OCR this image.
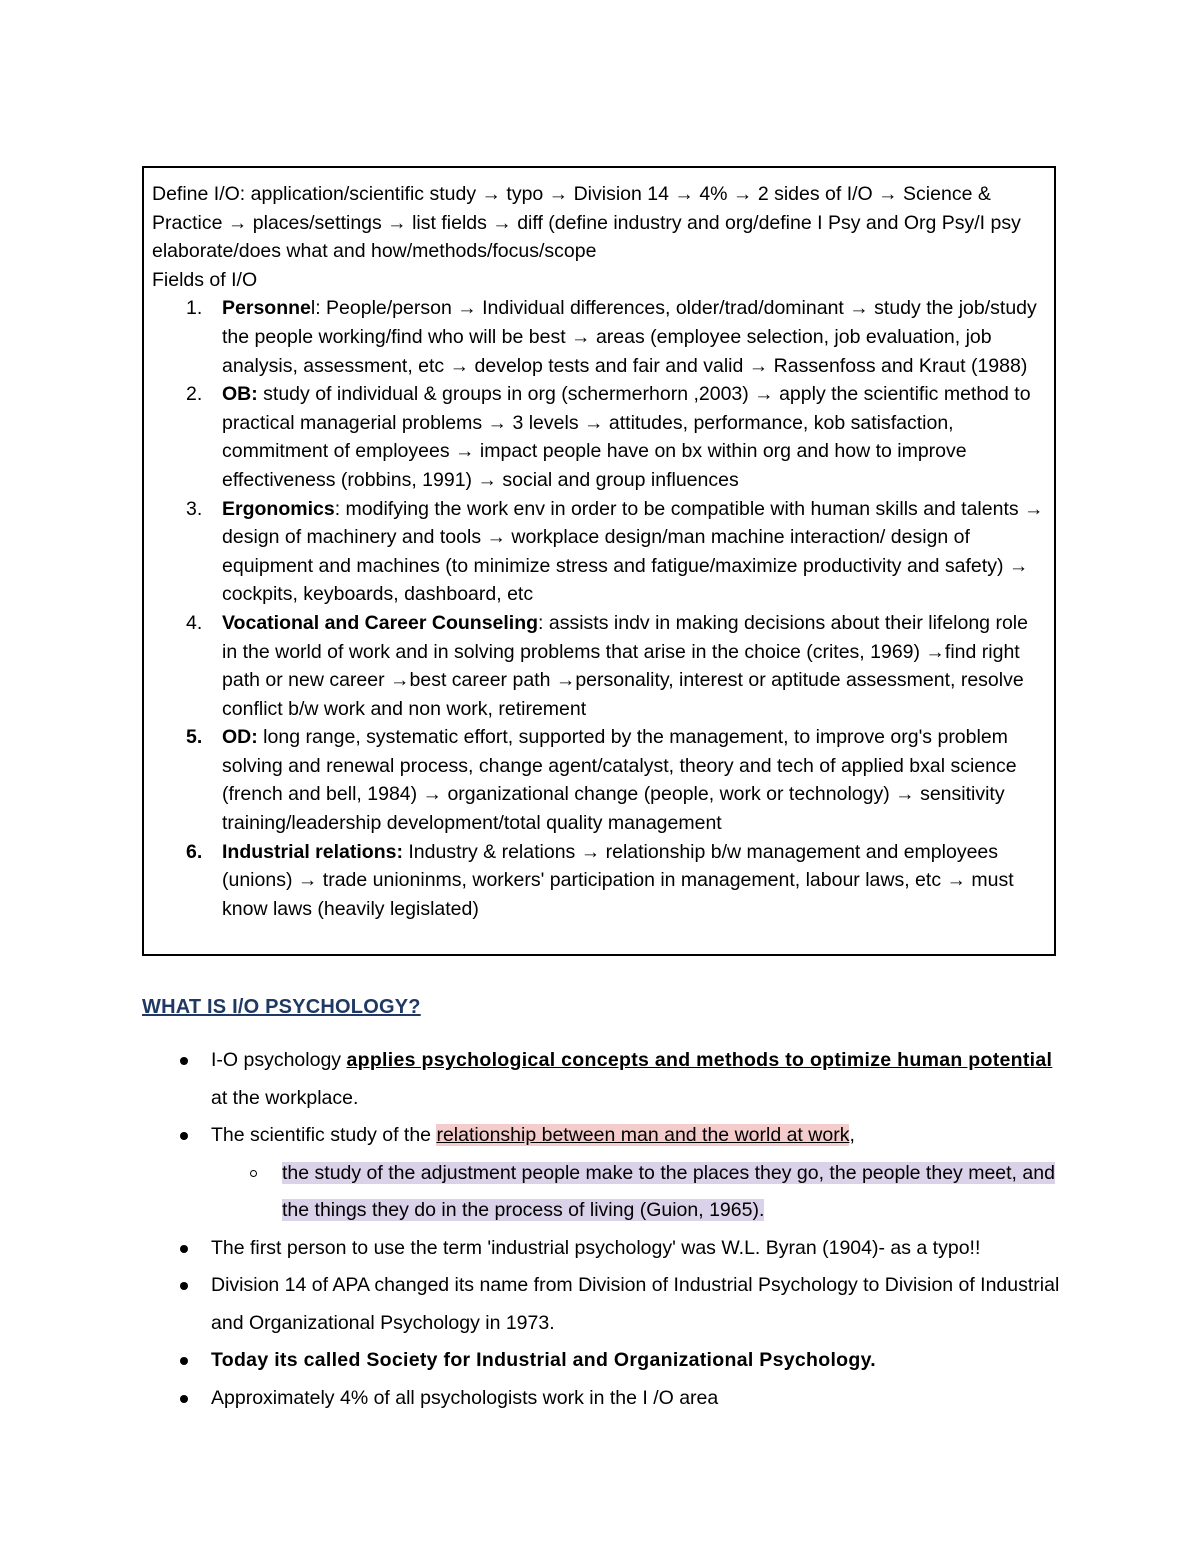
Define I/O: application/scientific study → typo → Division 14 → 4% → 2 sides of I/O → Science & Practice → places/settings → list fields → diff (define industry and org/define I Psy and Org Psy/I psy elaborate/does what and how/methods/focus/scope

Fields of I/O

1. Personnel: People/person → Individual differences, older/trad/dominant → study the job/study the people working/find who will be best → areas (employee selection, job evaluation, job analysis, assessment, etc → develop tests and fair and valid → Rassenfoss and Kraut (1988)
2. OB: study of individual & groups in org (schermerhorn ,2003) → apply the scientific method to practical managerial problems → 3 levels → attitudes, performance, kob satisfaction, commitment of employees → impact people have on bx within org and how to improve effectiveness (robbins, 1991) → social and group influences
3. Ergonomics: modifying the work env in order to be compatible with human skills and talents → design of machinery and tools → workplace design/man machine interaction/ design of equipment and machines (to minimize stress and fatigue/maximize productivity and safety) → cockpits, keyboards, dashboard, etc
4. Vocational and Career Counseling: assists indv in making decisions about their lifelong role in the world of work and in solving problems that arise in the choice (crites, 1969) →find right path or new career →best career path →personality, interest or aptitude assessment, resolve conflict b/w work and non work, retirement
5. OD: long range, systematic effort, supported by the management, to improve org's problem solving and renewal process, change agent/catalyst, theory and tech of applied bxal science (french and bell, 1984) → organizational change (people, work or technology) → sensitivity training/leadership development/total quality management
6. Industrial relations: Industry & relations → relationship b/w management and employees (unions) → trade unioninms, workers' participation in management, labour laws, etc → must know laws (heavily legislated)
WHAT IS I/O PSYCHOLOGY?
I-O psychology applies psychological concepts and methods to optimize human potential at the workplace.
The scientific study of the relationship between man and the world at work,
the study of the adjustment people make to the places they go, the people they meet, and the things they do in the process of living (Guion, 1965).
The first person to use the term 'industrial psychology' was W.L. Byran (1904)- as a typo!!
Division 14 of APA changed its name from Division of Industrial Psychology to Division of Industrial and Organizational Psychology in 1973.
Today its called Society for Industrial and Organizational Psychology.
Approximately 4% of all psychologists work in the I /O area
